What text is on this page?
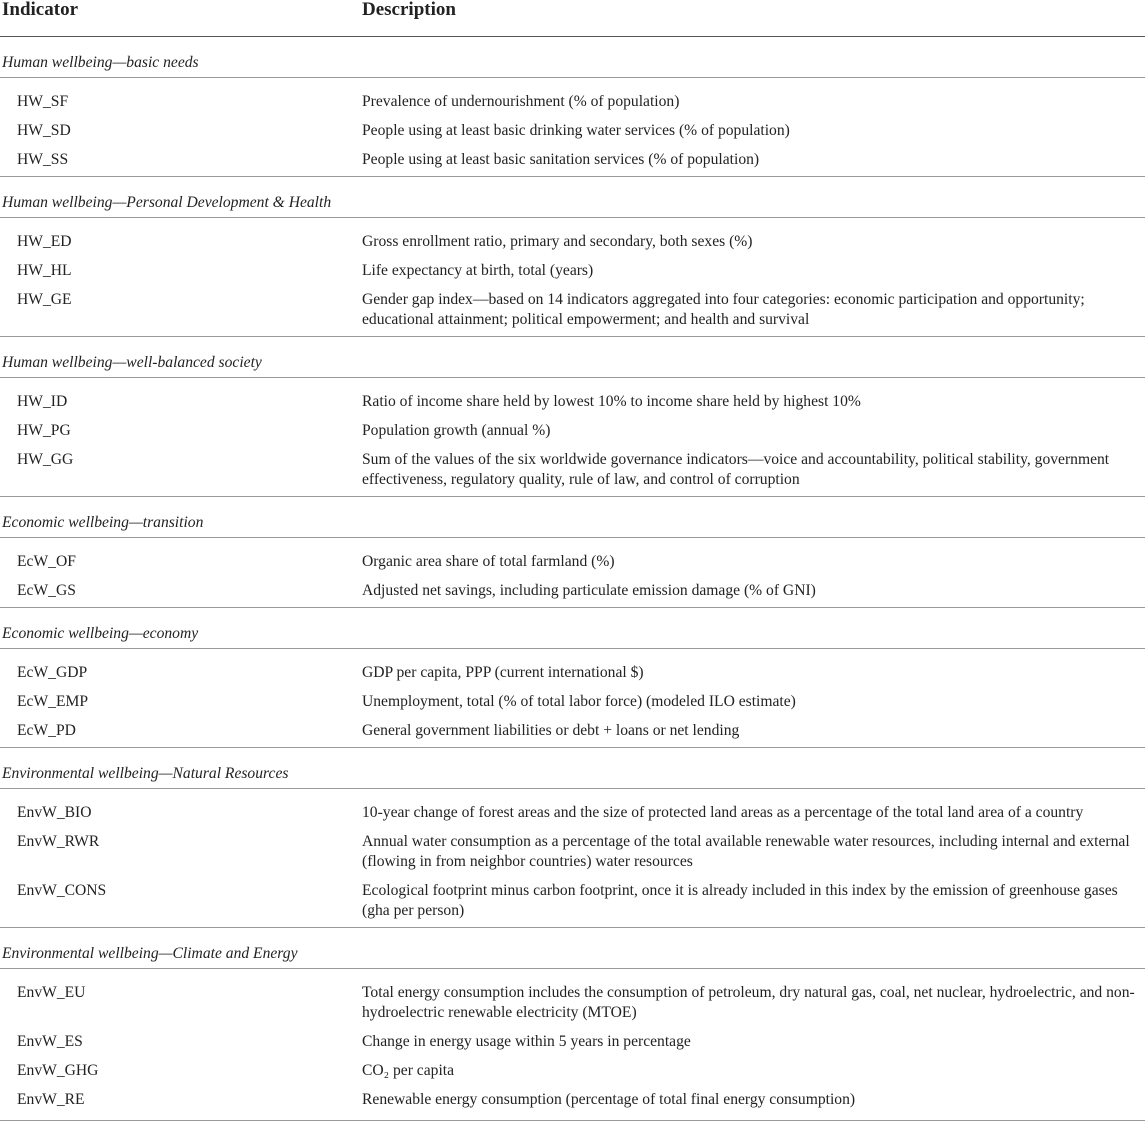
Indicator	Description
Human wellbeing—basic needs	
HW_SF	Prevalence of undernourishment (% of population)
HW_SD	People using at least basic drinking water services (% of population)
HW_SS	People using at least basic sanitation services (% of population)
Human wellbeing—Personal Development & Health	
HW_ED	Gross enrollment ratio, primary and secondary, both sexes (%)
HW_HL	Life expectancy at birth, total (years)
HW_GE	Gender gap index—based on 14 indicators aggregated into four categories: economic participation and opportunity; educational attainment; political empowerment; and health and survival
Human wellbeing—well-balanced society	
HW_ID	Ratio of income share held by lowest 10% to income share held by highest 10%
HW_PG	Population growth (annual %)
HW_GG	Sum of the values of the six worldwide governance indicators—voice and accountability, political stability, government effectiveness, regulatory quality, rule of law, and control of corruption
Economic wellbeing—transition	
EcW_OF	Organic area share of total farmland (%)
EcW_GS	Adjusted net savings, including particulate emission damage (% of GNI)
Economic wellbeing—economy	
EcW_GDP	GDP per capita, PPP (current international $)
EcW_EMP	Unemployment, total (% of total labor force) (modeled ILO estimate)
EcW_PD	General government liabilities or debt + loans or net lending
Environmental wellbeing—Natural Resources	
EnvW_BIO	10-year change of forest areas and the size of protected land areas as a percentage of the total land area of a country
EnvW_RWR	Annual water consumption as a percentage of the total available renewable water resources, including internal and external (flowing in from neighbor countries) water resources
EnvW_CONS	Ecological footprint minus carbon footprint, once it is already included in this index by the emission of greenhouse gases (gha per person)
Environmental wellbeing—Climate and Energy	
EnvW_EU	Total energy consumption includes the consumption of petroleum, dry natural gas, coal, net nuclear, hydroelectric, and non-hydroelectric renewable electricity (MTOE)
EnvW_ES	Change in energy usage within 5 years in percentage
EnvW_GHG	CO₂ per capita
EnvW_RE	Renewable energy consumption (percentage of total final energy consumption)
